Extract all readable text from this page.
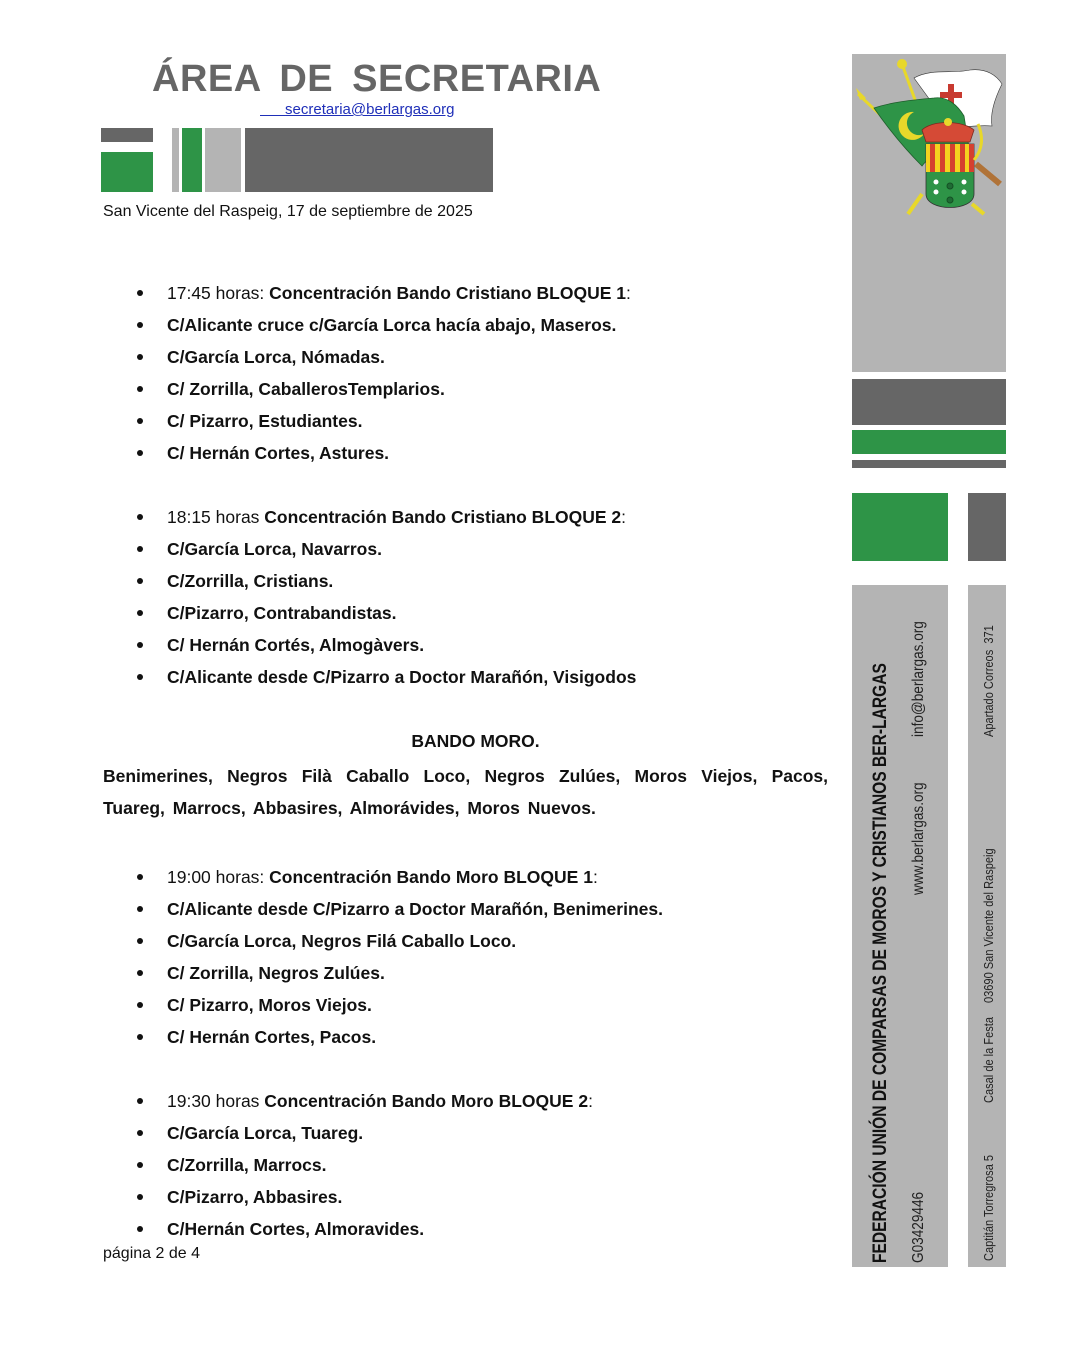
ÁREA DE SECRETARIA
secretaria@berlargas.org
San Vicente del Raspeig, 17 de septiembre de 2025
17:45 horas: Concentración Bando Cristiano BLOQUE 1:
C/Alicante cruce c/García Lorca hacía abajo, Maseros.
C/García Lorca, Nómadas.
C/ Zorrilla, CaballerosTemplarios.
C/ Pizarro, Estudiantes.
C/ Hernán Cortes, Astures.
18:15 horas Concentración Bando Cristiano BLOQUE 2:
C/García Lorca, Navarros.
C/Zorrilla, Cristians.
C/Pizarro, Contrabandistas.
C/ Hernán Cortés, Almogàvers.
C/Alicante desde C/Pizarro a Doctor Marañón, Visigodos
BANDO MORO.
Benimerines, Negros Filà Caballo Loco, Negros Zulúes, Moros Viejos, Pacos, Tuareg, Marrocs, Abbasires, Almorávides, Moros Nuevos.
19:00 horas: Concentración Bando Moro BLOQUE 1:
C/Alicante desde C/Pizarro a Doctor Marañón, Benimerines.
C/García Lorca, Negros Filá Caballo Loco.
C/ Zorrilla, Negros Zulúes.
C/ Pizarro, Moros Viejos.
C/ Hernán Cortes, Pacos.
19:30 horas Concentración Bando Moro BLOQUE 2:
C/García Lorca, Tuareg.
C/Zorrilla, Marrocs.
C/Pizarro, Abbasires.
C/Hernán Cortes, Almoravides.
página 2 de 4	FEDERACIÓN UNIÓN DE COMPARSAS DE MOROS Y CRISTIANOS BER-LARGAS G03429446
www.berlargas.org
info@berlargas.org
Captitán Torregrosa 5
Casal de la Festa
03690 San Vicente del Raspeig
Apartado Correos  371
